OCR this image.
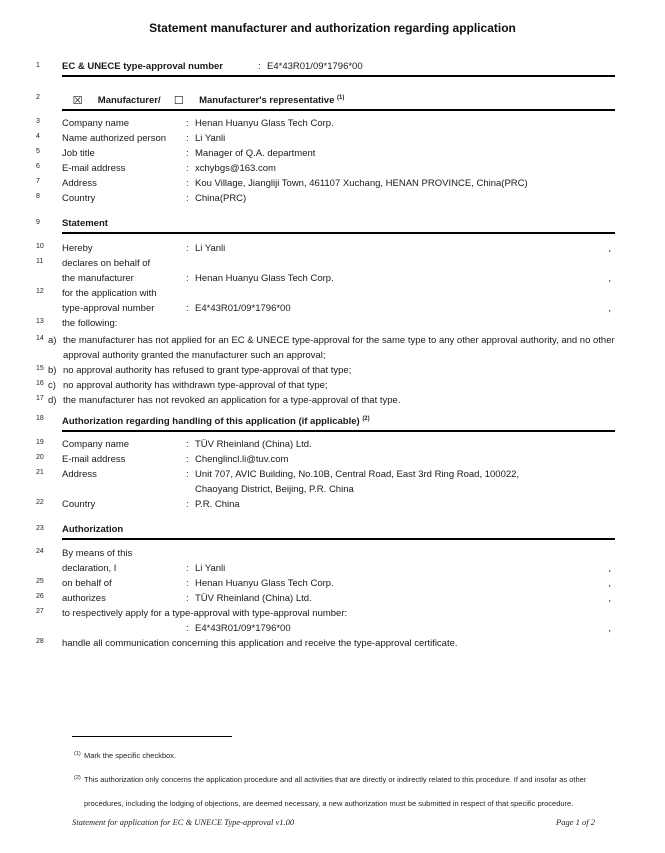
Statement manufacturer and authorization regarding application
1	EC & UNECE type-approval number	: E4*43R01/09*1796*00
2	☒ Manufacturer/ ☐ Manufacturer's representative $^{(1)}$
3	Company name	: Henan Huanyu Glass Tech Corp.
4	Name authorized person	: Li Yanli
5	Job title	: Manager of Q.A. department
6	E-mail address	: xchybgs@163.com
7	Address	: Kou Village, Jiangliji Town, 461107 Xuchang, HENAN PROVINCE, China(PRC)
8	Country	: China(PRC)
9	Statement
10	Hereby	: Li Yanli	,
11	declares on behalf of
the manufacturer	: Henan Huanyu Glass Tech Corp.	,
12	for the application with
type-approval number	: E4*43R01/09*1796*00	,
13	the following:
14 a) the manufacturer has not applied for an EC & UNECE type-approval for the same type to any other approval authority, and no other approval authority granted the manufacturer such an approval;
15 b) no approval authority has refused to grant type-approval of that type;
16 c) no approval authority has withdrawn type-approval of that type;
17 d) the manufacturer has not revoked an application for a type-approval of that type.
18	Authorization regarding handling of this application (if applicable) $^{(2)}$
19	Company name	: TÜV Rheinland (China) Ltd.
20	E-mail address	: Chenglincl.li@tuv.com
21	Address	: Unit 707, AVIC Building, No.10B, Central Road, East 3rd Ring Road, 100022,
Chaoyang District, Beijing, P.R. China
22	Country	: P.R. China
23	Authorization
24	By means of this
declaration, I	: Li Yanli	,
25	on behalf of	: Henan Huanyu Glass Tech Corp.	,
26	authorizes	: TÜV Rheinland (China) Ltd.	,
27	to respectively apply for a type-approval with type-approval number:
: E4*43R01/09*1796*00	,
28	handle all communication concerning this application and receive the type-approval certificate.
(1) Mark the specific checkbox.
(2) This authorization only concerns the application procedure and all activities that are directly or indirectly related to this procedure. If and insofar as other procedures, including the lodging of objections, are deemed necessary, a new authorization must be submitted in respect of that specific procedure.
Statement for application for EC & UNECE Type-approval v1.00	Page 1 of 2
